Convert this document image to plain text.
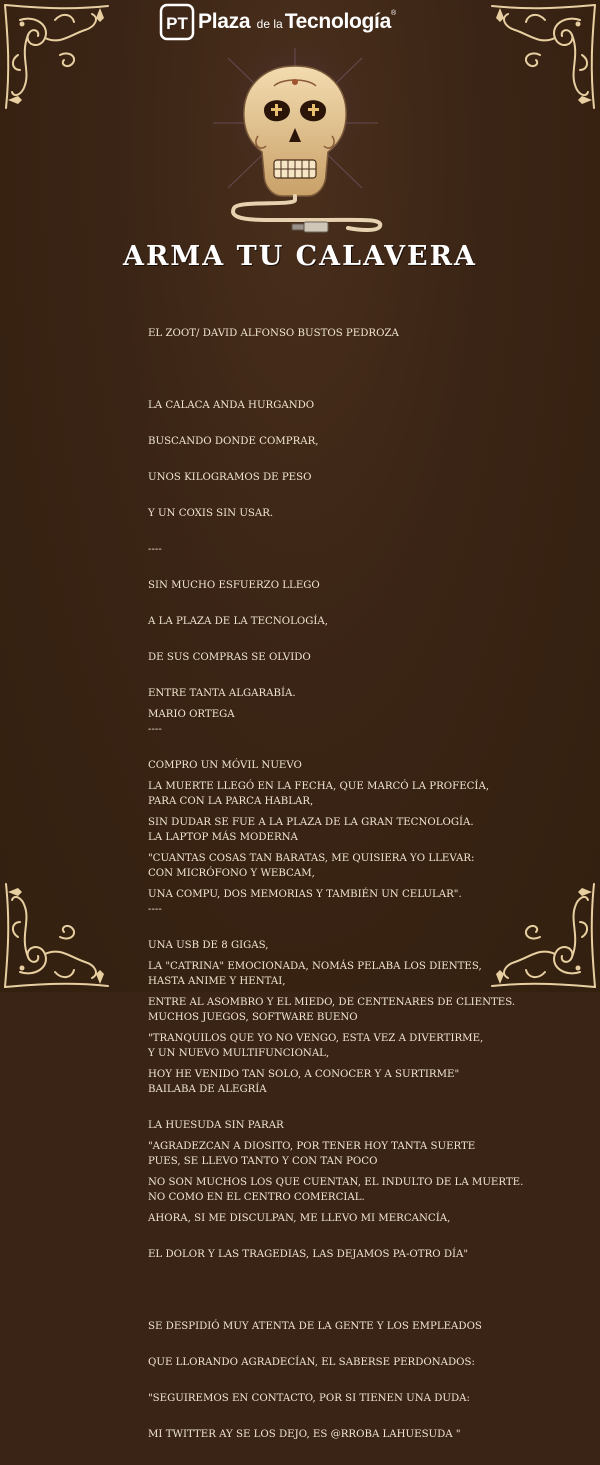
PT Plaza de laTecnología®
ARMA TU CALAVERA

EL ZOOT/ DAVID ALFONSO BUSTOS PEDROZA

LA CALACA ANDA HURGANDO

BUSCANDO DONDE COMPRAR,

UNOS KILOGRAMOS DE PESO

Y UN COXIS SIN USAR.

----

SIN MUCHO ESFUERZO LLEGO

A LA PLAZA DE LA TECNOLOGÍA,

DE SUS COMPRAS SE OLVIDO

ENTRE TANTA ALGARABÍA.

----

COMPRO UN MÓVIL NUEVO

PARA CON LA PARCA HABLAR,

LA LAPTOP MÁS MODERNA

CON MICRÓFONO Y WEBCAM,

----

UNA USB DE 8 GIGAS,

HASTA ANIME Y HENTAI,

MUCHOS JUEGOS, SOFTWARE BUENO

Y UN NUEVO MULTIFUNCIONAL,

BAILABA DE ALEGRÍA

LA HUESUDA SIN PARAR

PUES, SE LLEVO TANTO Y CON TAN POCO

NO COMO EN EL CENTRO COMERCIAL.

MARIO ORTEGA

LA MUERTE LLEGÓ EN LA FECHA, QUE MARCÓ LA PROFECÍA,

SIN DUDAR SE FUE A LA PLAZA DE LA GRAN TECNOLOGÍA.

"CUANTAS COSAS TAN BARATAS, ME QUISIERA YO LLEVAR:

UNA COMPU, DOS MEMORIAS Y TAMBIÉN UN CELULAR".

LA "CATRINA" EMOCIONADA, NOMÁS PELABA LOS DIENTES,

ENTRE AL ASOMBRO Y EL MIEDO, DE CENTENARES DE CLIENTES.

"TRANQUILOS QUE YO NO VENGO, ESTA VEZ A DIVERTIRME,

HOY HE VENIDO TAN SOLO, A CONOCER Y A SURTIRME"

"AGRADEZCAN A DIOSITO, POR TENER HOY TANTA SUERTE

NO SON MUCHOS LOS QUE CUENTAN, EL INDULTO DE LA MUERTE.

AHORA, SI ME DISCULPAN, ME LLEVO MI MERCANCÍA,

EL DOLOR Y LAS TRAGEDIAS, LAS DEJAMOS PA-OTRO DÍA"

SE DESPIDIÓ MUY ATENTA DE LA GENTE Y LOS EMPLEADOS

QUE LLORANDO AGRADECÍAN, EL SABERSE PERDONADOS:

"SEGUIREMOS EN CONTACTO, POR SI TIENEN UNA DUDA:

MI TWITTER AY SE LOS DEJO, ES @RROBA LAHUESUDA "
